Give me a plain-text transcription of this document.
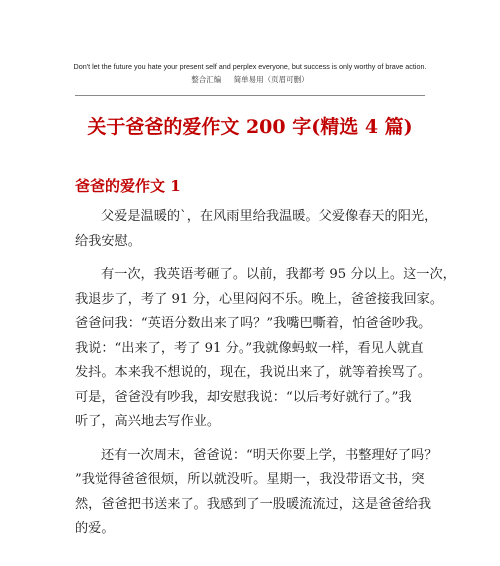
Don't let the future you hate your present self and perplex everyone, but success is only worthy of brave action.
整合汇编 简单易用（页眉可删）
关于爸爸的爱作文 200 字(精选 4 篇)
爸爸的爱作文 1
父爱是温暖的`，在风雨里给我温暖。父爱像春天的阳光，
给我安慰。
有一次，我英语考砸了。以前，我都考 95 分以上。这一次，
我退步了，考了 91 分，心里闷闷不乐。晚上，爸爸接我回家。
爸爸问我：“英语分数出来了吗？”我嘴巴嘶着，怕爸爸吵我。
我说：“出来了，考了 91 分。”我就像蚂蚁一样，看见人就直
发抖。本来我不想说的，现在，我说出来了，就等着挨骂了。
可是，爸爸没有吵我，却安慰我说：“以后考好就行了。”我
听了，高兴地去写作业。
还有一次周末，爸爸说：“明天你要上学，书整理好了吗？
”我觉得爸爸很烦，所以就没听。星期一，我没带语文书，突
然，爸爸把书送来了。我感到了一股暖流流过，这是爸爸给我
的爱。
